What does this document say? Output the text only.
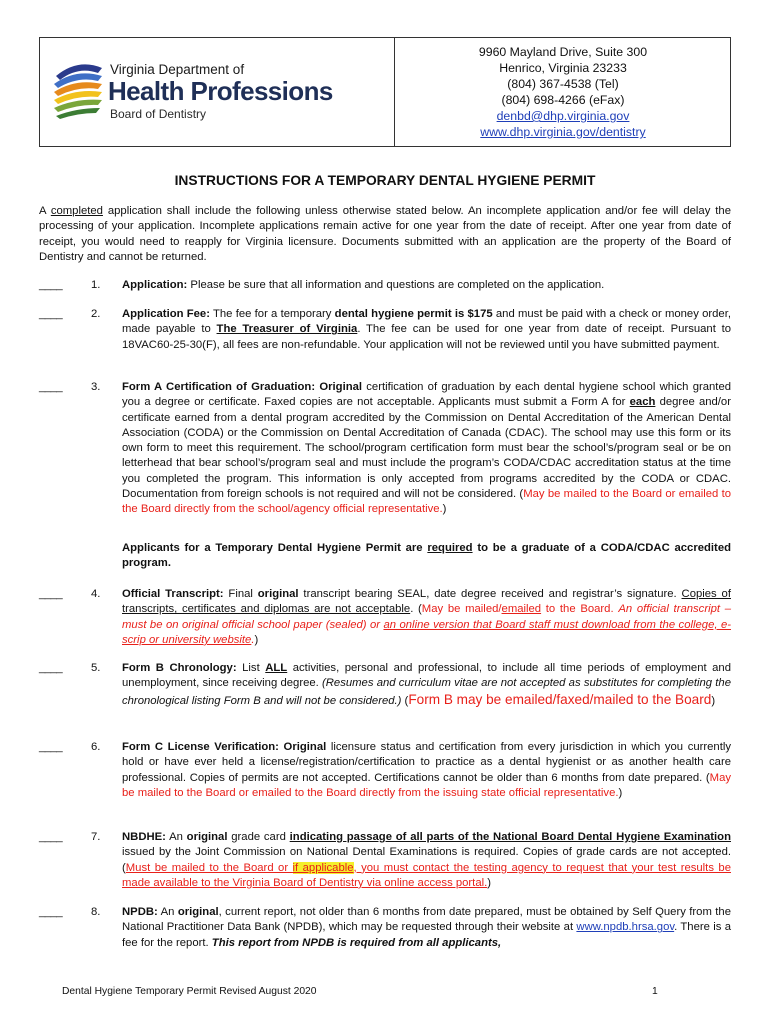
Virginia Department of
Health Professions
Board of Dentistry
9960 Mayland Drive, Suite 300
Henrico, Virginia 23233
(804) 367-4538 (Tel)
(804) 698-4266 (eFax)
denbd@dhp.virginia.gov
www.dhp.virginia.gov/dentistry
INSTRUCTIONS FOR A TEMPORARY DENTAL HYGIENE PERMIT
A completed application shall include the following unless otherwise stated below. An incomplete application and/or fee will delay the processing of your application. Incomplete applications remain active for one year from the date of receipt. After one year from date of receipt, you would need to reapply for Virginia licensure. Documents submitted with an application are the property of the Board of Dentistry and cannot be returned.
____	1. Application: Please be sure that all information and questions are completed on the application.
____	2. Application Fee: The fee for a temporary dental hygiene permit is $175 and must be paid with a check or money order, made payable to The Treasurer of Virginia. The fee can be used for one year from date of receipt. Pursuant to 18VAC60-25-30(F), all fees are non-refundable. Your application will not be reviewed until you have submitted payment.
____	3. Form A Certification of Graduation: Original certification of graduation by each dental hygiene school which granted you a degree or certificate. Faxed copies are not acceptable. Applicants must submit a Form A for each degree and/or certificate earned from a dental program accredited by the Commission on Dental Accreditation of the American Dental Association (CODA) or the Commission on Dental Accreditation of Canada (CDAC). The school may use this form or its own form to meet this requirement. The school/program certification form must bear the school’s/program seal or be on letterhead that bear school’s/program seal and must include the program’s CODA/CDAC accreditation status at the time you completed the program. This information is only accepted from programs accredited by the CODA or CDAC. Documentation from foreign schools is not required and will not be considered. (May be mailed to the Board or emailed to the Board directly from the school/agency official representative.)
Applicants for a Temporary Dental Hygiene Permit are required to be a graduate of a CODA/CDAC accredited program.
____	4. Official Transcript: Final original transcript bearing SEAL, date degree received and registrar’s signature. Copies of transcripts, certificates and diplomas are not acceptable. (May be mailed/emailed to the Board. An official transcript – must be on original official school paper (sealed) or an online version that Board staff must download from the college, e-scrip or university website.)
____	5. Form B Chronology: List ALL activities, personal and professional, to include all time periods of employment and unemployment, since receiving degree. (Resumes and curriculum vitae are not accepted as substitutes for completing the chronological listing Form B and will not be considered.) (Form B may be emailed/faxed/mailed to the Board)
____	6. Form C License Verification: Original licensure status and certification from every jurisdiction in which you currently hold or have ever held a license/registration/certification to practice as a dental hygienist or as another health care professional. Copies of permits are not accepted. Certifications cannot be older than 6 months from date prepared. (May be mailed to the Board or emailed to the Board directly from the issuing state official representative.)
____	7. NBDHE: An original grade card indicating passage of all parts of the National Board Dental Hygiene Examination issued by the Joint Commission on National Dental Examinations is required. Copies of grade cards are not accepted. (Must be mailed to the Board or if applicable, you must contact the testing agency to request that your test results be made available to the Virginia Board of Dentistry via online access portal.)
____	8. NPDB: An original, current report, not older than 6 months from date prepared, must be obtained by Self Query from the National Practitioner Data Bank (NPDB), which may be requested through their website at www.npdb.hrsa.gov. There is a fee for the report. This report from NPDB is required from all applicants,
Dental Hygiene Temporary Permit Revised August 2020	1
